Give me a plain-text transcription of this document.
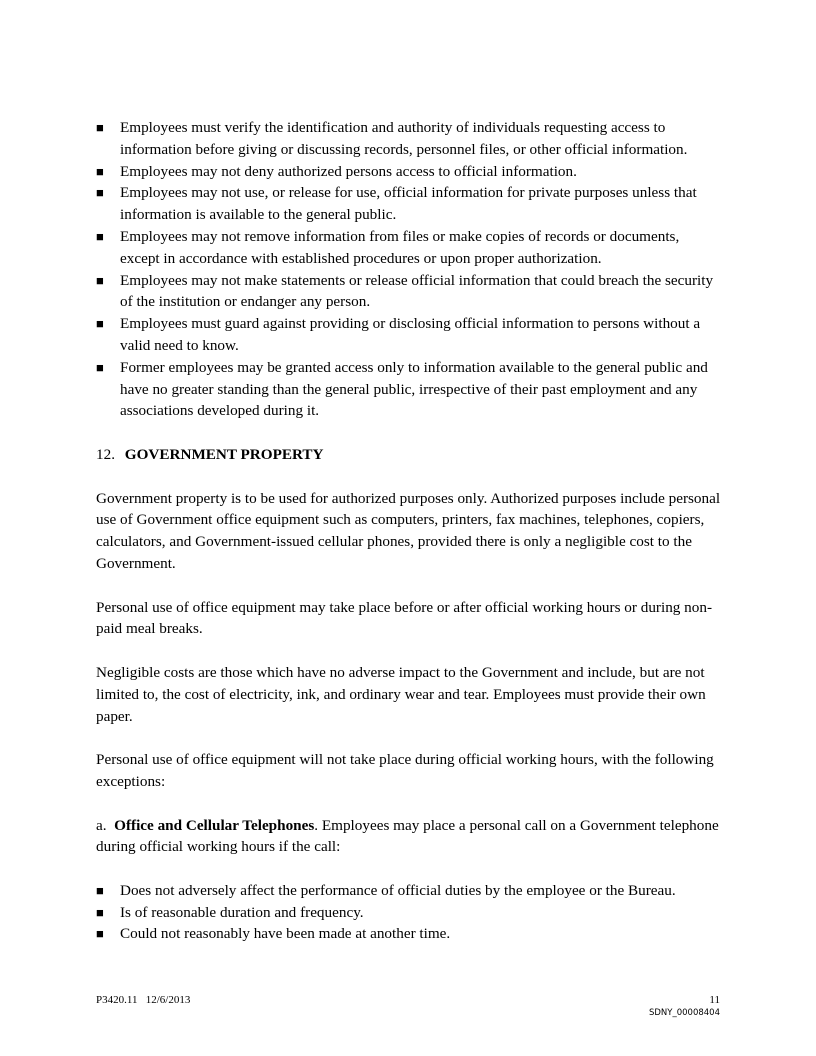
■ Employees must verify the identification and authority of individuals requesting access to information before giving or discussing records, personnel files, or other official information.
■ Employees may not deny authorized persons access to official information.
■ Employees may not use, or release for use, official information for private purposes unless that information is available to the general public.
■ Employees may not remove information from files or make copies of records or documents, except in accordance with established procedures or upon proper authorization.
■ Employees may not make statements or release official information that could breach the security of the institution or endanger any person.
■ Employees must guard against providing or disclosing official information to persons without a valid need to know.
■ Former employees may be granted access only to information available to the general public and have no greater standing than the general public, irrespective of their past employment and any associations developed during it.

12. GOVERNMENT PROPERTY

Government property is to be used for authorized purposes only. Authorized purposes include personal use of Government office equipment such as computers, printers, fax machines, telephones, copiers, calculators, and Government-issued cellular phones, provided there is only a negligible cost to the Government.

Personal use of office equipment may take place before or after official working hours or during non-paid meal breaks.

Negligible costs are those which have no adverse impact to the Government and include, but are not limited to, the cost of electricity, ink, and ordinary wear and tear. Employees must provide their own paper.

Personal use of office equipment will not take place during official working hours, with the following exceptions:

a. Office and Cellular Telephones. Employees may place a personal call on a Government telephone during official working hours if the call:

■ Does not adversely affect the performance of official duties by the employee or the Bureau.
■ Is of reasonable duration and frequency.
■ Could not reasonably have been made at another time.
P3420.11 12/6/2013	11
SDNY_00008404
